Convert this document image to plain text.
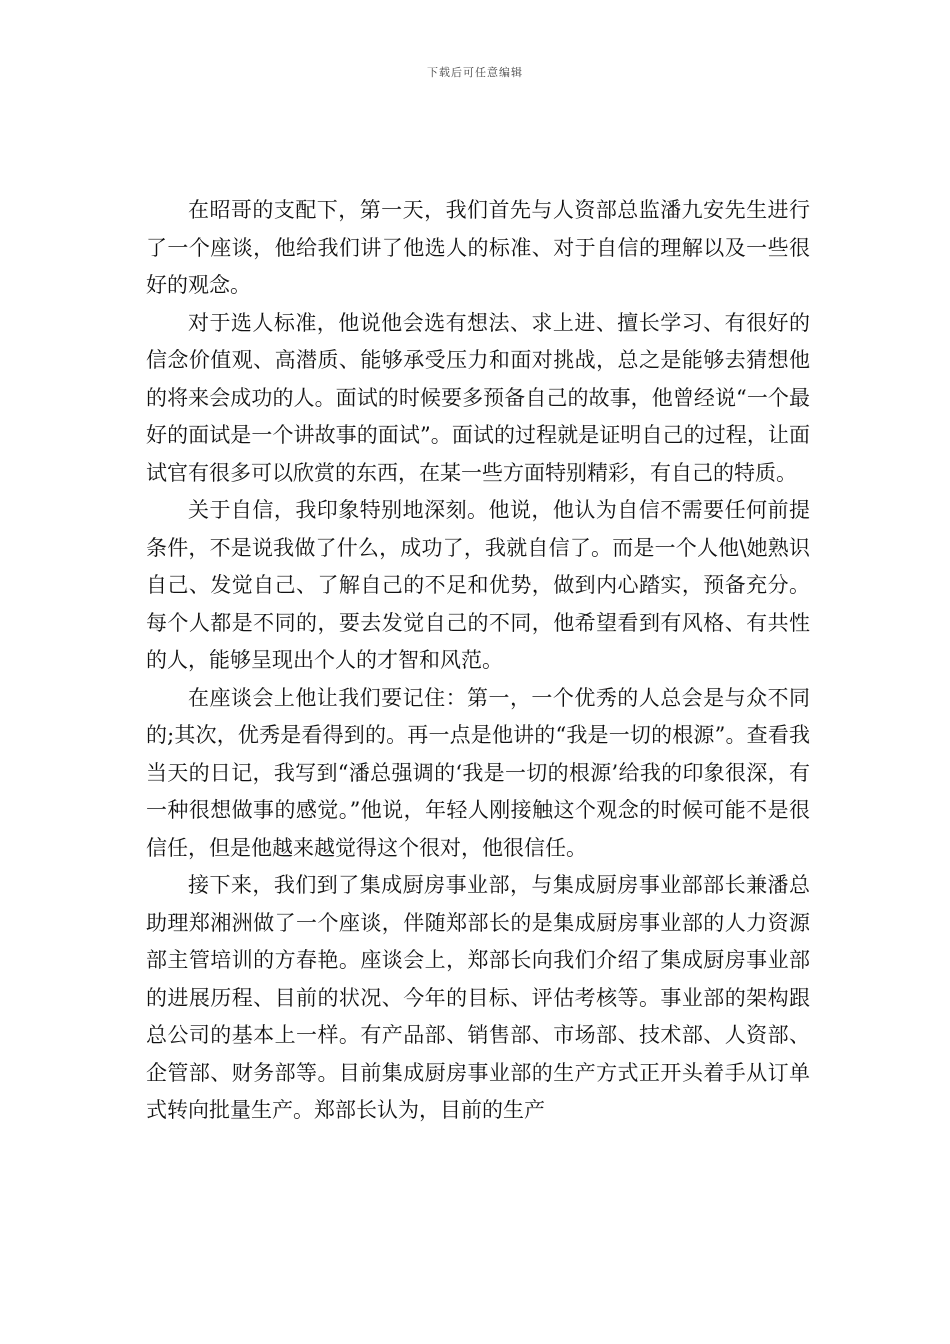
下载后可任意编辑

在昭哥的支配下，第一天，我们首先与人资部总监潘九安先生进行了一个座谈，他给我们讲了他选人的标准、对于自信的理解以及一些很好的观念。

对于选人标准，他说他会选有想法、求上进、擅长学习、有很好的信念价值观、高潜质、能够承受压力和面对挑战，总之是能够去猜想他的将来会成功的人。面试的时候要多预备自己的故事，他曾经说“一个最好的面试是一个讲故事的面试”。面试的过程就是证明自己的过程，让面试官有很多可以欣赏的东西，在某一些方面特别精彩，有自己的特质。

关于自信，我印象特别地深刻。他说，他认为自信不需要任何前提条件，不是说我做了什么，成功了，我就自信了。而是一个人他\她熟识自己、发觉自己、了解自己的不足和优势，做到内心踏实，预备充分。每个人都是不同的，要去发觉自己的不同，他希望看到有风格、有共性的人，能够呈现出个人的才智和风范。

在座谈会上他让我们要记住：第一，一个优秀的人总会是与众不同的;其次，优秀是看得到的。再一点是他讲的“我是一切的根源”。查看我当天的日记，我写到“潘总强调的‘我是一切的根源’给我的印象很深，有一种很想做事的感觉。”他说，年轻人刚接触这个观念的时候可能不是很信任，但是他越来越觉得这个很对，他很信任。

接下来，我们到了集成厨房事业部，与集成厨房事业部部长兼潘总助理郑湘洲做了一个座谈，伴随郑部长的是集成厨房事业部的人力资源部主管培训的方春艳。座谈会上，郑部长向我们介绍了集成厨房事业部的进展历程、目前的状况、今年的目标、评估考核等。事业部的架构跟总公司的基本上一样。有产品部、销售部、市场部、技术部、人资部、企管部、财务部等。目前集成厨房事业部的生产方式正开头着手从订单式转向批量生产。郑部长认为，目前的生产
